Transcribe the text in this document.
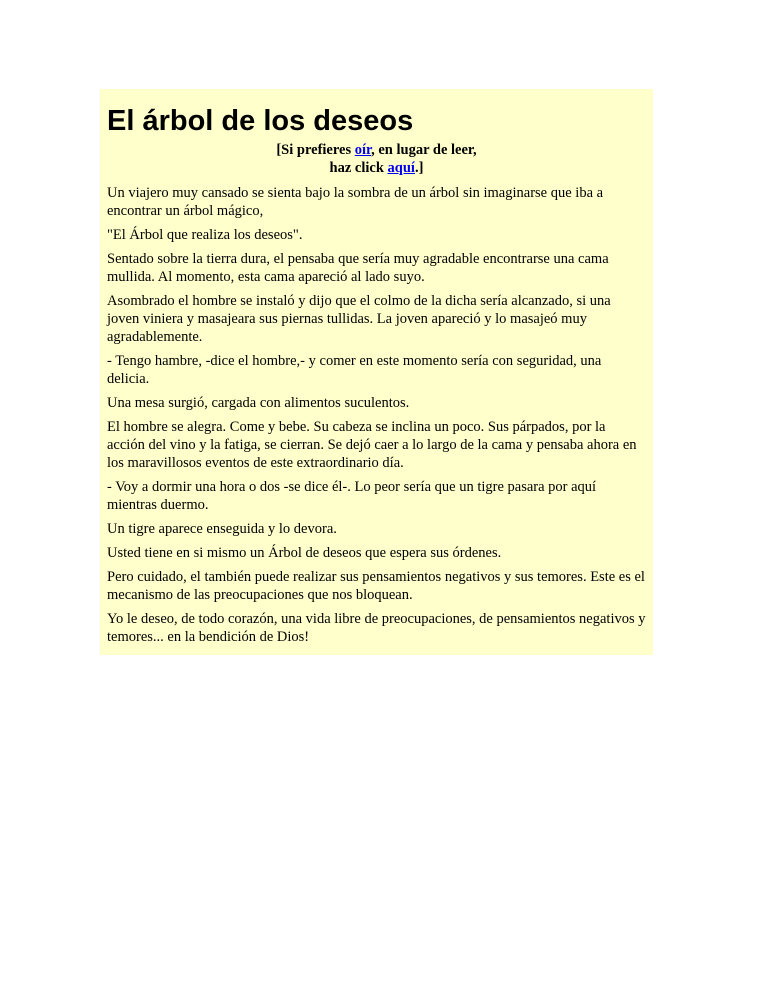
El árbol de los deseos
[Si prefieres oír, en lugar de leer,
haz click aquí.]

Un viajero muy cansado se sienta bajo la sombra de un árbol sin imaginarse que iba a encontrar un árbol mágico,

"El Árbol que realiza los deseos".

Sentado sobre la tierra dura, el pensaba que sería muy agradable encontrarse una cama mullida. Al momento, esta cama apareció al lado suyo.

Asombrado el hombre se instaló y dijo que el colmo de la dicha sería alcanzado, si una joven viniera y masajeara sus piernas tullidas. La joven apareció y lo masajeó muy agradablemente.

- Tengo hambre, -dice el hombre,- y comer en este momento sería con seguridad, una delicia.

Una mesa surgió, cargada con alimentos suculentos.

El hombre se alegra. Come y bebe. Su cabeza se inclina un poco. Sus párpados, por la acción del vino y la fatiga, se cierran. Se dejó caer a lo largo de la cama y pensaba ahora en los maravillosos eventos de este extraordinario día.

- Voy a dormir una hora o dos -se dice él-. Lo peor sería que un tigre pasara por aquí mientras duermo.

Un tigre aparece enseguida y lo devora.

Usted tiene en si mismo un Árbol de deseos que espera sus órdenes.

Pero cuidado, el también puede realizar sus pensamientos negativos y sus temores. Este es el mecanismo de las preocupaciones que nos bloquean.

Yo le deseo, de todo corazón, una vida libre de preocupaciones, de pensamientos negativos y temores... en la bendición de Dios!
